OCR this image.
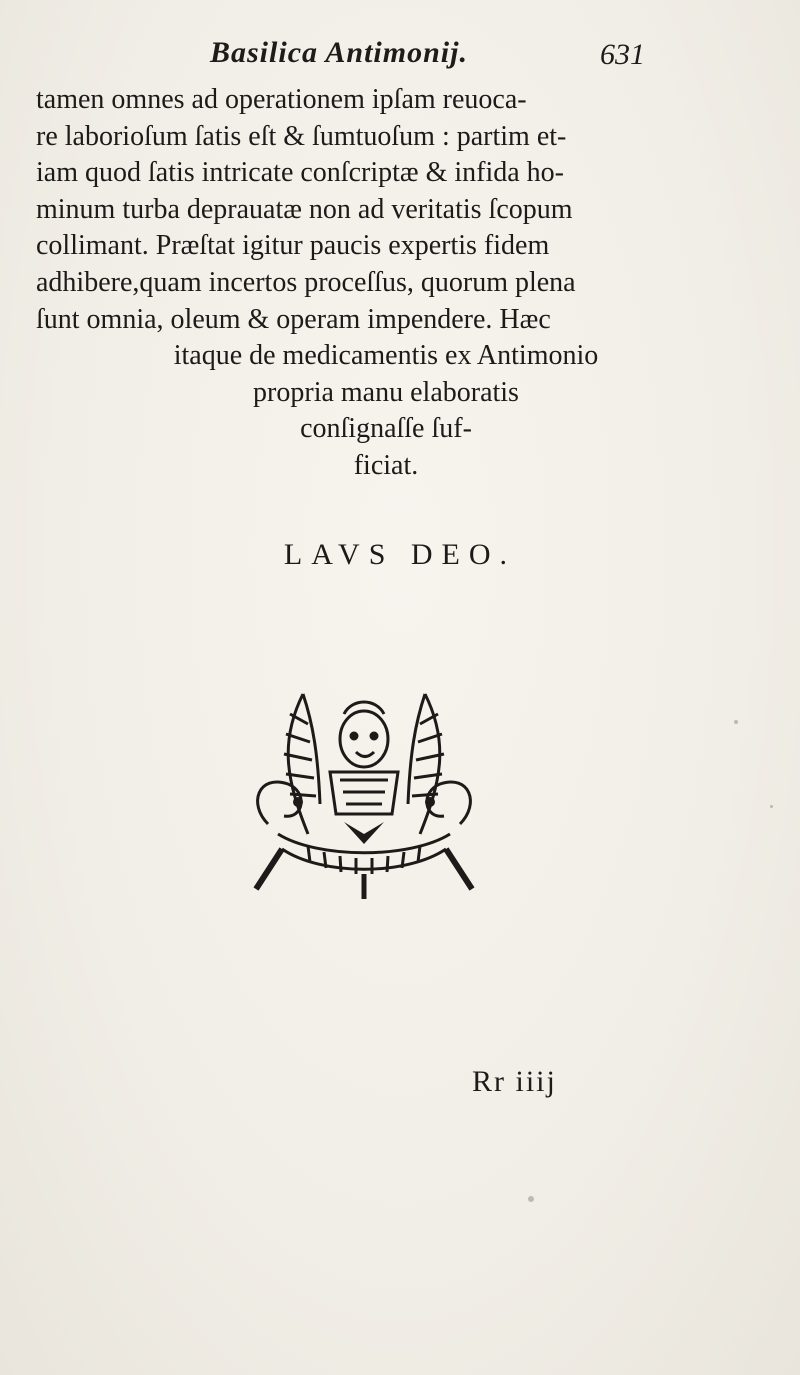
Basilica Antimonij.	631
tamen omnes ad operationem ipſam reuoca-
re laborioſum ſatis eſt & ſumtuoſum : partim et-
iam quod ſatis intricate conſcriptæ & infida ho-
minum turba deprauatæ non ad veritatis ſcopum
collimant. Præſtat igitur paucis expertis fidem
adhibere,quam incertos proceſſus, quorum plena
ſunt omnia, oleum & operam impendere. Hæc
itaque de medicamentis ex Antimonio
propria manu elaboratis
conſignaſſe ſuf-
ficiat.
LAVS DEO.
Rr iiij
